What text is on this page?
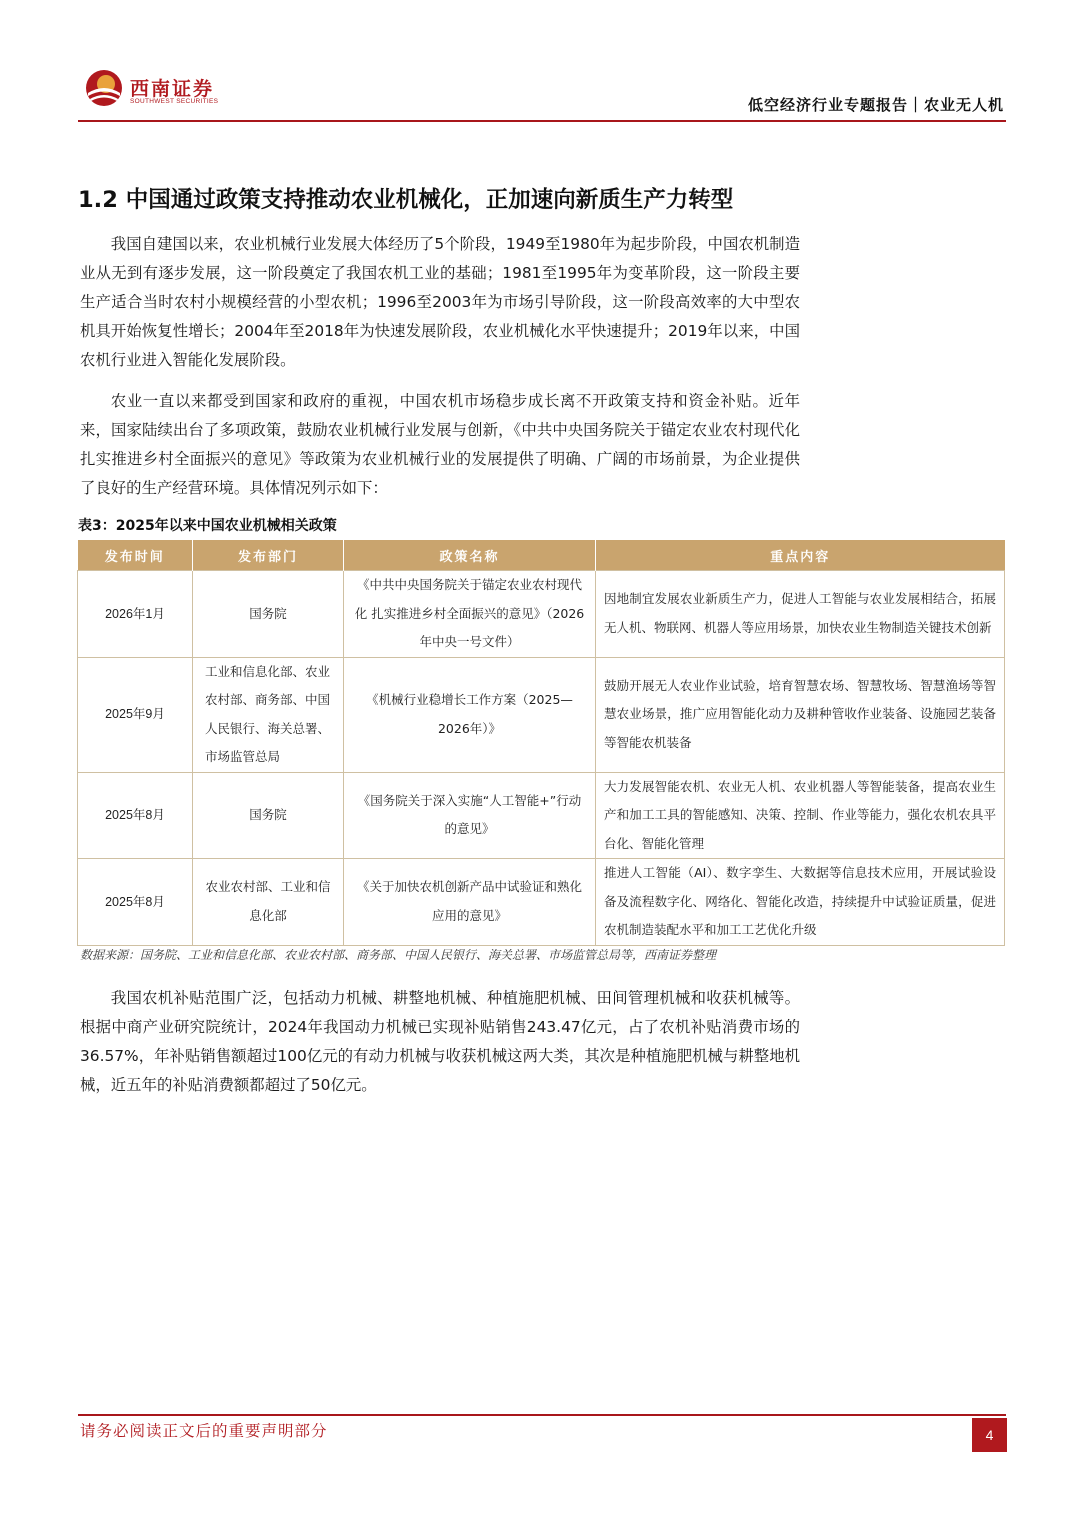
西南证券
SOUTHWEST SECURITIES	低空经济行业专题报告｜农业无人机
1.2 中国通过政策支持推动农业机械化，正加速向新质生产力转型

我国自建国以来，农业机械行业发展大体经历了5个阶段，1949至1980年为起步阶段，中国农机制造业从无到有逐步发展，这一阶段奠定了我国农机工业的基础；1981至1995年为变革阶段，这一阶段主要生产适合当时农村小规模经营的小型农机；1996至2003年为市场引导阶段，这一阶段高效率的大中型农机具开始恢复性增长；2004年至2018年为快速发展阶段，农业机械化水平快速提升；2019年以来，中国农机行业进入智能化发展阶段。

农业一直以来都受到国家和政府的重视，中国农机市场稳步成长离不开政策支持和资金补贴。近年来，国家陆续出台了多项政策，鼓励农业机械行业发展与创新，《中共中央国务院关于锚定农业农村现代化 扎实推进乡村全面振兴的意见》等政策为农业机械行业的发展提供了明确、广阔的市场前景，为企业提供了良好的生产经营环境。具体情况列示如下：

表3：2025年以来中国农业机械相关政策
发布时间	发布部门	政策名称	重点内容
2026年1月	国务院	《中共中央国务院关于锚定农业农村现代化 扎实推进乡村全面振兴的意见》（2026年中央一号文件）	因地制宜发展农业新质生产力，促进人工智能与农业发展相结合，拓展无人机、物联网、机器人等应用场景，加快农业生物制造关键技术创新
2025年9月	工业和信息化部、农业农村部、商务部、中国人民银行、海关总署、市场监管总局	《机械行业稳增长工作方案（2025—2026年）》	鼓励开展无人农业作业试验，培育智慧农场、智慧牧场、智慧渔场等智慧农业场景，推广应用智能化动力及耕种管收作业装备、设施园艺装备等智能农机装备
2025年8月	国务院	《国务院关于深入实施“人工智能+”行动的意见》	大力发展智能农机、农业无人机、农业机器人等智能装备，提高农业生产和加工工具的智能感知、决策、控制、作业等能力，强化农机农具平台化、智能化管理
2025年8月	农业农村部、工业和信息化部	《关于加快农机创新产品中试验证和熟化应用的意见》	推进人工智能（AI）、数字孪生、大数据等信息技术应用，开展试验设备及流程数字化、网络化、智能化改造，持续提升中试验证质量，促进农机制造装配水平和加工工艺优化升级
数据来源：国务院、工业和信息化部、农业农村部、商务部、中国人民银行、海关总署、市场监管总局等，西南证券整理

我国农机补贴范围广泛，包括动力机械、耕整地机械、种植施肥机械、田间管理机械和收获机械等。根据中商产业研究院统计，2024年我国动力机械已实现补贴销售243.47亿元，占了农机补贴消费市场的36.57%，年补贴销售额超过100亿元的有动力机械与收获机械这两大类，其次是种植施肥机械与耕整地机械，近五年的补贴消费额都超过了50亿元。

请务必阅读正文后的重要声明部分	4
